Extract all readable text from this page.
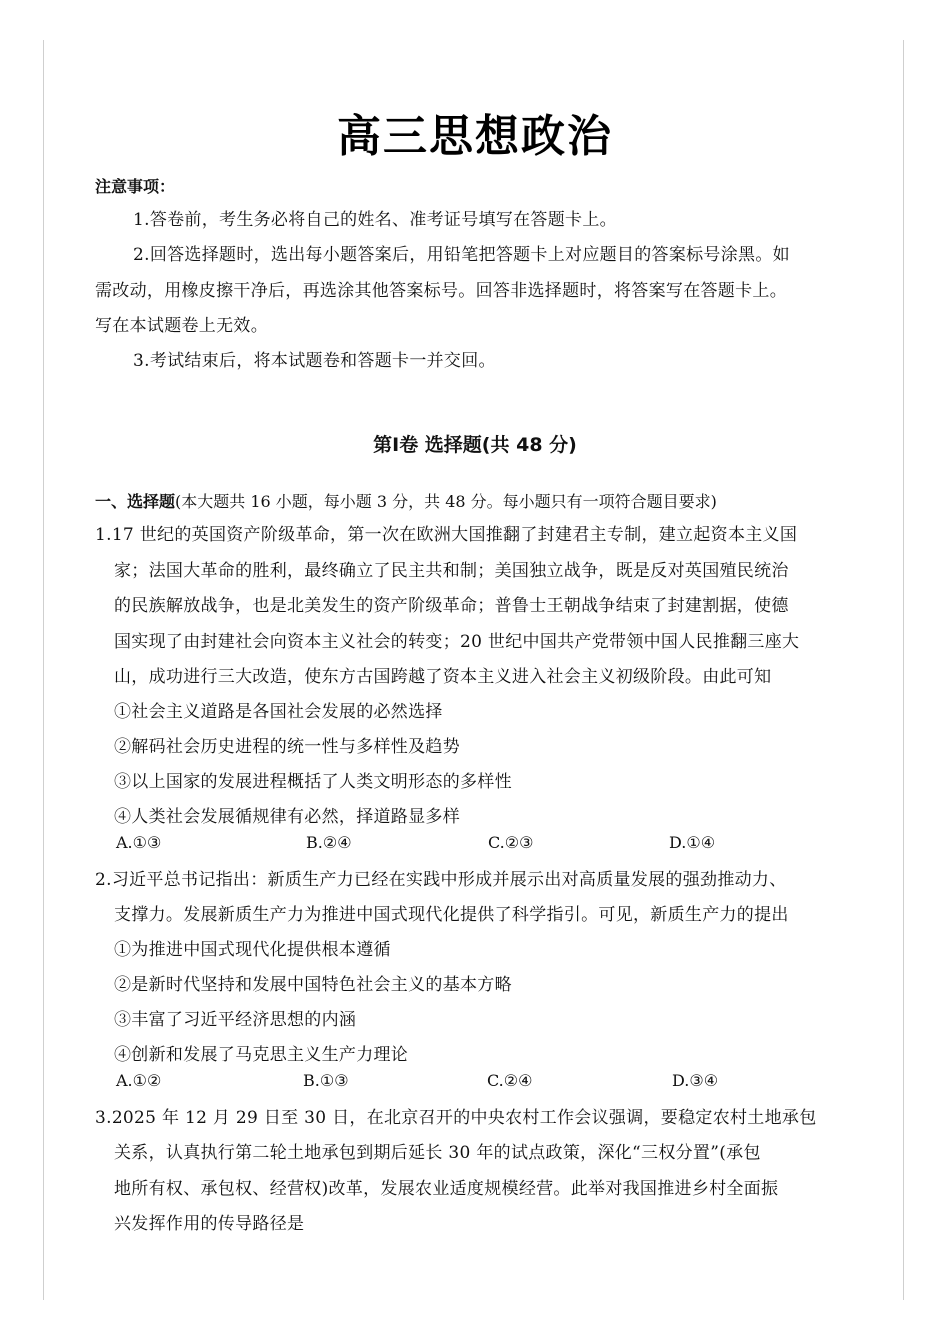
高三思想政治
注意事项：
1.答卷前，考生务必将自己的姓名、准考证号填写在答题卡上。
2.回答选择题时，选出每小题答案后，用铅笔把答题卡上对应题目的答案标号涂黑。如
需改动，用橡皮擦干净后，再选涂其他答案标号。回答非选择题时，将答案写在答题卡上。
写在本试题卷上无效。
3.考试结束后，将本试题卷和答题卡一并交回。
第Ⅰ卷 选择题(共 48 分)
一、选择题(本大题共 16 小题，每小题 3 分，共 48 分。每小题只有一项符合题目要求)
1.17 世纪的英国资产阶级革命，第一次在欧洲大国推翻了封建君主专制，建立起资本主义国
家；法国大革命的胜利，最终确立了民主共和制；美国独立战争，既是反对英国殖民统治
的民族解放战争，也是北美发生的资产阶级革命；普鲁士王朝战争结束了封建割据，使德
国实现了由封建社会向资本主义社会的转变；20 世纪中国共产党带领中国人民推翻三座大
山，成功进行三大改造，使东方古国跨越了资本主义进入社会主义初级阶段。由此可知
①社会主义道路是各国社会发展的必然选择
②解码社会历史进程的统一性与多样性及趋势
③以上国家的发展进程概括了人类文明形态的多样性
④人类社会发展循规律有必然，择道路显多样
A.①③	B.②④	C.②③	D.①④
2.习近平总书记指出：新质生产力已经在实践中形成并展示出对高质量发展的强劲推动力、
支撑力。发展新质生产力为推进中国式现代化提供了科学指引。可见，新质生产力的提出
①为推进中国式现代化提供根本遵循
②是新时代坚持和发展中国特色社会主义的基本方略
③丰富了习近平经济思想的内涵
④创新和发展了马克思主义生产力理论
A.①②	B.①③	C.②④	D.③④
3.2025 年 12 月 29 日至 30 日，在北京召开的中央农村工作会议强调，要稳定农村土地承包
关系，认真执行第二轮土地承包到期后延长 30 年的试点政策，深化“三权分置”(承包
地所有权、承包权、经营权)改革，发展农业适度规模经营。此举对我国推进乡村全面振
兴发挥作用的传导路径是
